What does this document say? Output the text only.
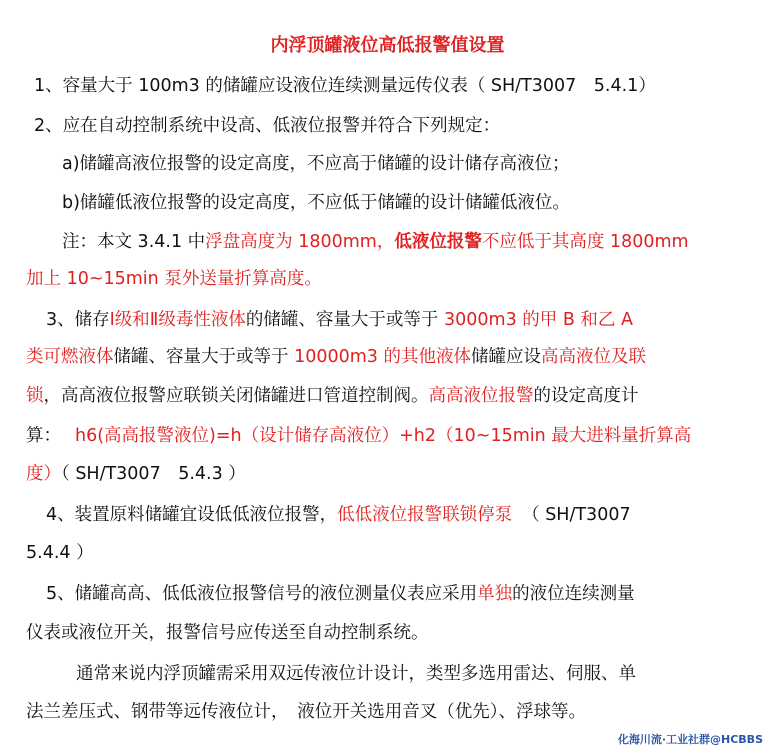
内浮顶罐液位高低报警值设置
1、容量大于 100m3 的储罐应设液位连续测量远传仪表（ SH/T3007　5.4.1）
2、应在自动控制系统中设高、低液位报警并符合下列规定：
a)储罐高液位报警的设定高度，不应高于储罐的设计储存高液位；
b)储罐低液位报警的设定高度，不应低于储罐的设计储罐低液位。
注：本文 3.4.1 中浮盘高度为 1800mm，低液位报警不应低于其高度 1800mm
加上 10~15min 泵外送量折算高度。
3、储存Ⅰ级和Ⅱ级毒性液体的储罐、容量大于或等于 3000m3 的甲 B 和乙 A
类可燃液体储罐、容量大于或等于 10000m3 的其他液体储罐应设高高液位及联
锁，高高液位报警应联锁关闭储罐进口管道控制阀。高高液位报警的设定高度计
算： h6(高高报警液位)=h（设计储存高液位）+h2（10~15min 最大进料量折算高
度）（ SH/T3007　5.4.3 ）
4、装置原料储罐宜设低低液位报警，低低液位报警联锁停泵 （ SH/T3007
5.4.4 ）
5、储罐高高、低低液位报警信号的液位测量仪表应采用单独的液位连续测量
仪表或液位开关，报警信号应传送至自动控制系统。
通常来说内浮顶罐需采用双远传液位计设计，类型多选用雷达、伺服、单
法兰差压式、钢带等远传液位计，　液位开关选用音叉（优先）、浮球等。
化海川流·工业社群@HCBBS
